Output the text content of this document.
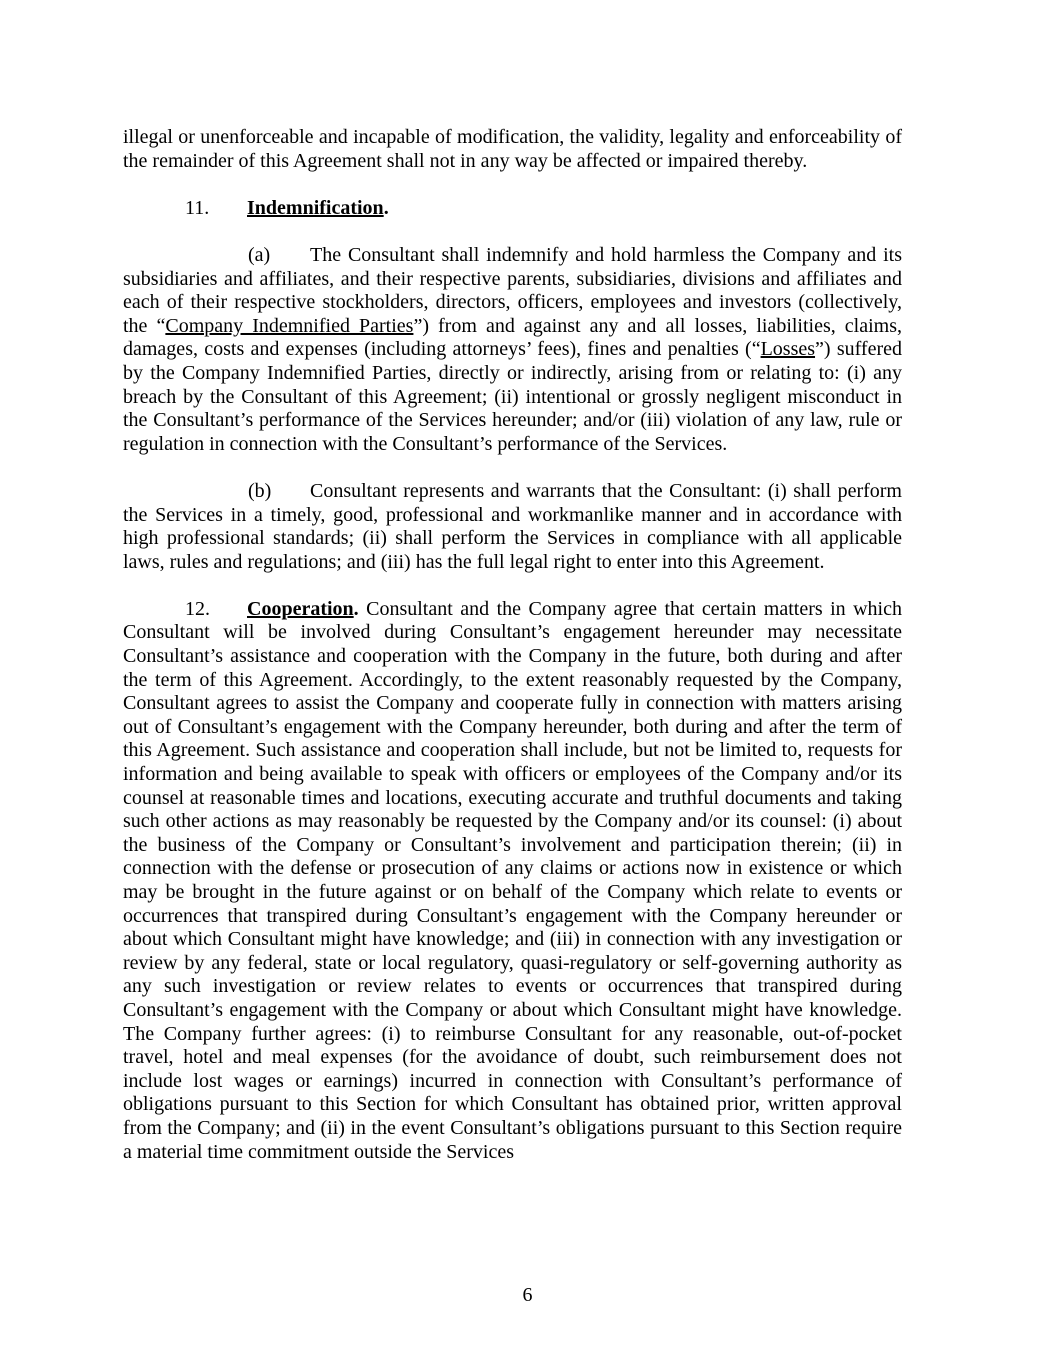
illegal or unenforceable and incapable of modification, the validity, legality and enforceability of the remainder of this Agreement shall not in any way be affected or impaired thereby.

11. Indemnification.

(a) The Consultant shall indemnify and hold harmless the Company and its subsidiaries and affiliates, and their respective parents, subsidiaries, divisions and affiliates and each of their respective stockholders, directors, officers, employees and investors (collectively, the “Company Indemnified Parties”) from and against any and all losses, liabilities, claims, damages, costs and expenses (including attorneys’ fees), fines and penalties (“Losses”) suffered by the Company Indemnified Parties, directly or indirectly, arising from or relating to: (i) any breach by the Consultant of this Agreement; (ii) intentional or grossly negligent misconduct in the Consultant’s performance of the Services hereunder; and/or (iii) violation of any law, rule or regulation in connection with the Consultant’s performance of the Services.

(b) Consultant represents and warrants that the Consultant: (i) shall perform the Services in a timely, good, professional and workmanlike manner and in accordance with high professional standards; (ii) shall perform the Services in compliance with all applicable laws, rules and regulations; and (iii) has the full legal right to enter into this Agreement.

12. Cooperation. Consultant and the Company agree that certain matters in which Consultant will be involved during Consultant’s engagement hereunder may necessitate Consultant’s assistance and cooperation with the Company in the future, both during and after the term of this Agreement. Accordingly, to the extent reasonably requested by the Company, Consultant agrees to assist the Company and cooperate fully in connection with matters arising out of Consultant’s engagement with the Company hereunder, both during and after the term of this Agreement. Such assistance and cooperation shall include, but not be limited to, requests for information and being available to speak with officers or employees of the Company and/or its counsel at reasonable times and locations, executing accurate and truthful documents and taking such other actions as may reasonably be requested by the Company and/or its counsel: (i) about the business of the Company or Consultant’s involvement and participation therein; (ii) in connection with the defense or prosecution of any claims or actions now in existence or which may be brought in the future against or on behalf of the Company which relate to events or occurrences that transpired during Consultant’s engagement with the Company hereunder or about which Consultant might have knowledge; and (iii) in connection with any investigation or review by any federal, state or local regulatory, quasi-regulatory or self-governing authority as any such investigation or review relates to events or occurrences that transpired during Consultant’s engagement with the Company or about which Consultant might have knowledge. The Company further agrees: (i) to reimburse Consultant for any reasonable, out-of-pocket travel, hotel and meal expenses (for the avoidance of doubt, such reimbursement does not include lost wages or earnings) incurred in connection with Consultant’s performance of obligations pursuant to this Section for which Consultant has obtained prior, written approval from the Company; and (ii) in the event Consultant’s obligations pursuant to this Section require a material time commitment outside the Services

6
